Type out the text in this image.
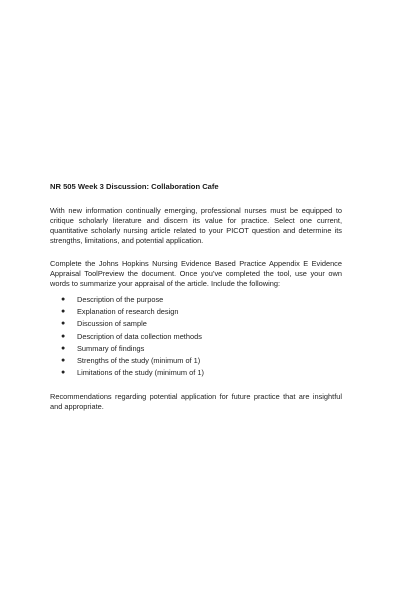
NR 505 Week 3 Discussion: Collaboration Cafe

With new information continually emerging, professional nurses must be equipped to critique scholarly literature and discern its value for practice. Select one current, quantitative scholarly nursing article related to your PICOT question and determine its strengths, limitations, and potential application.

Complete the Johns Hopkins Nursing Evidence Based Practice Appendix E Evidence Appraisal ToolPreview the document. Once you’ve completed the tool, use your own words to summarize your appraisal of the article. Include the following:

● Description of the purpose
● Explanation of research design
● Discussion of sample
● Description of data collection methods
● Summary of findings
● Strengths of the study (minimum of 1)
● Limitations of the study (minimum of 1)

Recommendations regarding potential application for future practice that are insightful and appropriate.
